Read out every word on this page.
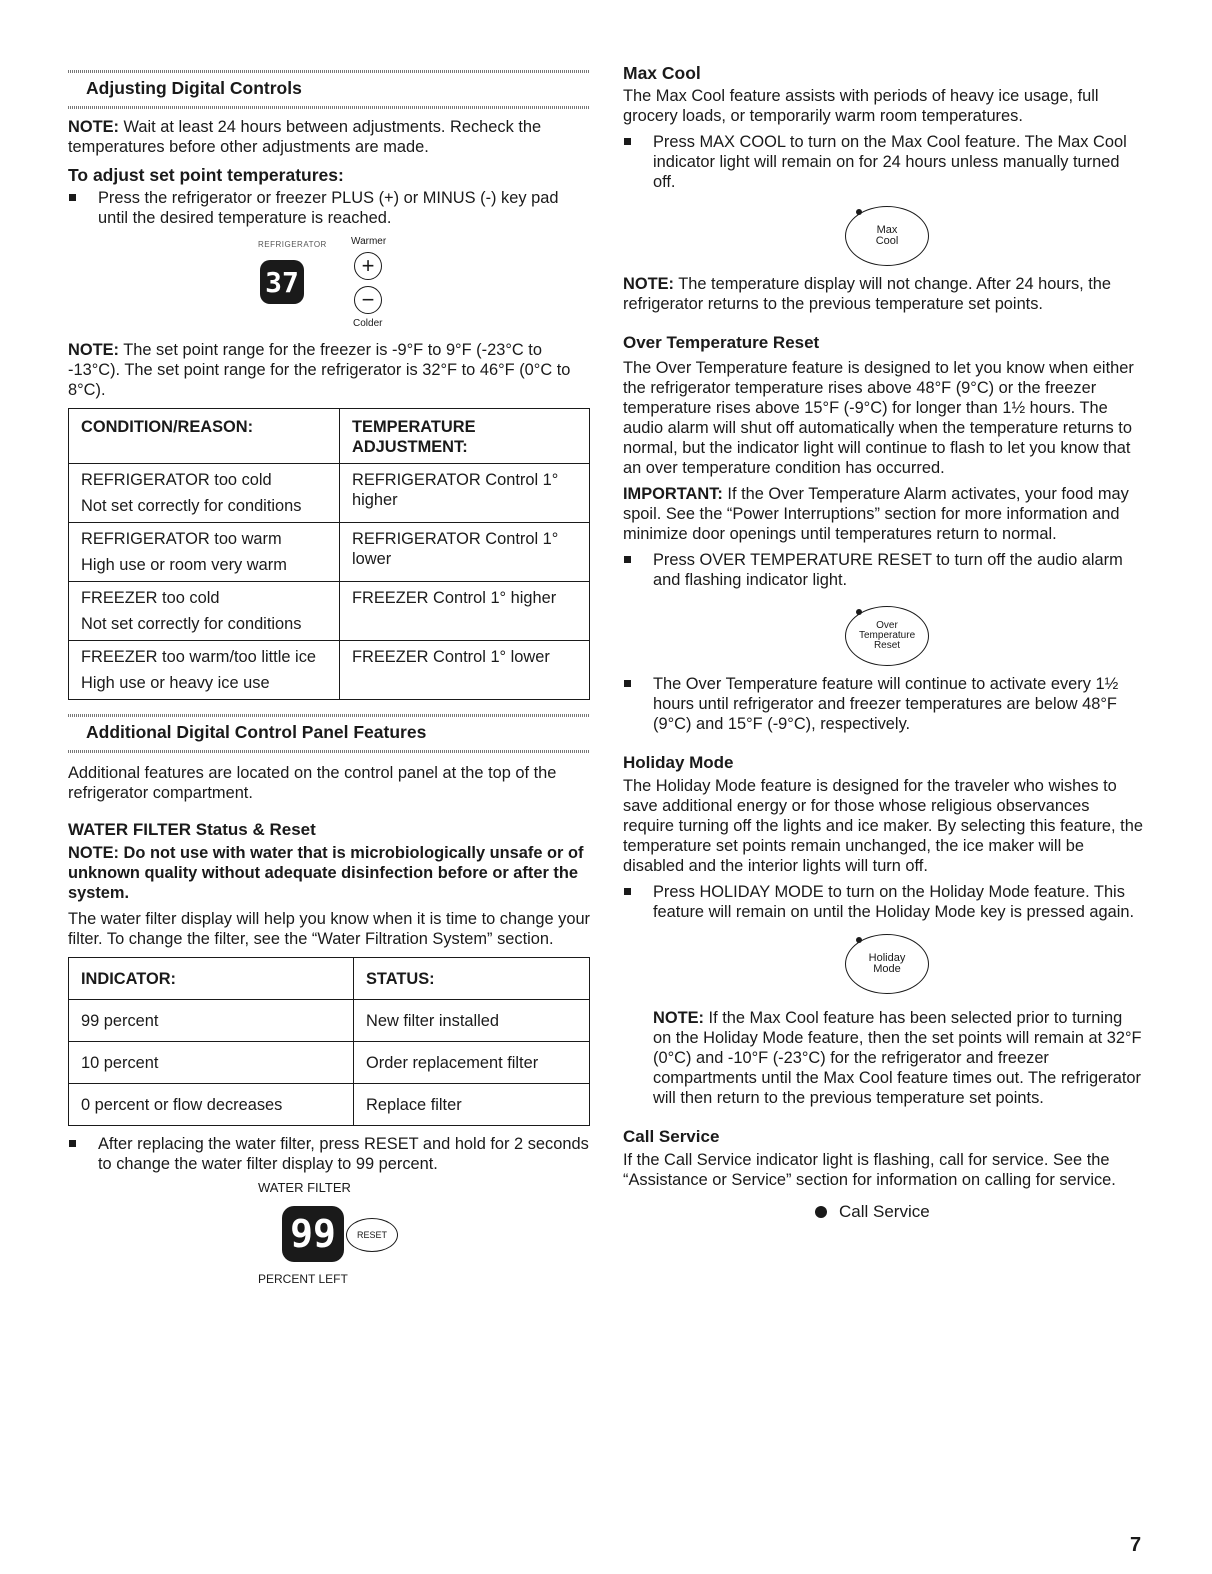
Adjusting Digital Controls

NOTE: Wait at least 24 hours between adjustments. Recheck the temperatures before other adjustments are made.

To adjust set point temperatures:

Press the refrigerator or freezer PLUS (+) or MINUS (-) key pad until the desired temperature is reached.

REFRIGERATOR Warmer
37	+
−
Colder

NOTE: The set point range for the freezer is -9°F to 9°F (-23°C to -13°C). The set point range for the refrigerator is 32°F to 46°F (0°C to 8°C).

CONDITION/REASON:	TEMPERATURE ADJUSTMENT:

REFRIGERATOR too cold

Not set correctly for conditions	REFRIGERATOR Control 1° higher

REFRIGERATOR too warm

High use or room very warm	REFRIGERATOR Control 1° lower

FREEZER too cold

Not set correctly for conditions	FREEZER Control 1° higher

FREEZER too warm/too little ice

High use or heavy ice use	FREEZER Control 1° lower

Additional Digital Control Panel Features

Additional features are located on the control panel at the top of the refrigerator compartment.

WATER FILTER Status & Reset

NOTE: Do not use with water that is microbiologically unsafe or of unknown quality without adequate disinfection before or after the system.

The water filter display will help you know when it is time to change your filter. To change the filter, see the “Water Filtration System” section.

INDICATOR:	STATUS:
99 percent	New filter installed
10 percent	Order replacement filter
0 percent or flow decreases	Replace filter

After replacing the water filter, press RESET and hold for 2 seconds to change the water filter display to 99 percent.

WATER FILTER
99 RESET
PERCENT LEFT

Max Cool

The Max Cool feature assists with periods of heavy ice usage, full grocery loads, or temporarily warm room temperatures.

Press MAX COOL to turn on the Max Cool feature. The Max Cool indicator light will remain on for 24 hours unless manually turned off.

Max Cool

NOTE: The temperature display will not change. After 24 hours, the refrigerator returns to the previous temperature set points.

Over Temperature Reset

The Over Temperature feature is designed to let you know when either the refrigerator temperature rises above 48°F (9°C) or the freezer temperature rises above 15°F (-9°C) for longer than 1½ hours. The audio alarm will shut off automatically when the temperature returns to normal, but the indicator light will continue to flash to let you know that an over temperature condition has occurred.

IMPORTANT: If the Over Temperature Alarm activates, your food may spoil. See the “Power Interruptions” section for more information and minimize door openings until temperatures return to normal.

Press OVER TEMPERATURE RESET to turn off the audio alarm and flashing indicator light.

Over Temperature Reset

The Over Temperature feature will continue to activate every 1½ hours until refrigerator and freezer temperatures are below 48°F (9°C) and 15°F (-9°C), respectively.

Holiday Mode

The Holiday Mode feature is designed for the traveler who wishes to save additional energy or for those whose religious observances require turning off the lights and ice maker. By selecting this feature, the temperature set points remain unchanged, the ice maker will be disabled and the interior lights will turn off.

Press HOLIDAY MODE to turn on the Holiday Mode feature. This feature will remain on until the Holiday Mode key is pressed again.

Holiday Mode

NOTE: If the Max Cool feature has been selected prior to turning on the Holiday Mode feature, then the set points will remain at 32°F (0°C) and -10°F (-23°C) for the refrigerator and freezer compartments until the Max Cool feature times out. The refrigerator will then return to the previous temperature set points.

Call Service

If the Call Service indicator light is flashing, call for service. See the “Assistance or Service” section for information on calling for service.

Call Service
7
